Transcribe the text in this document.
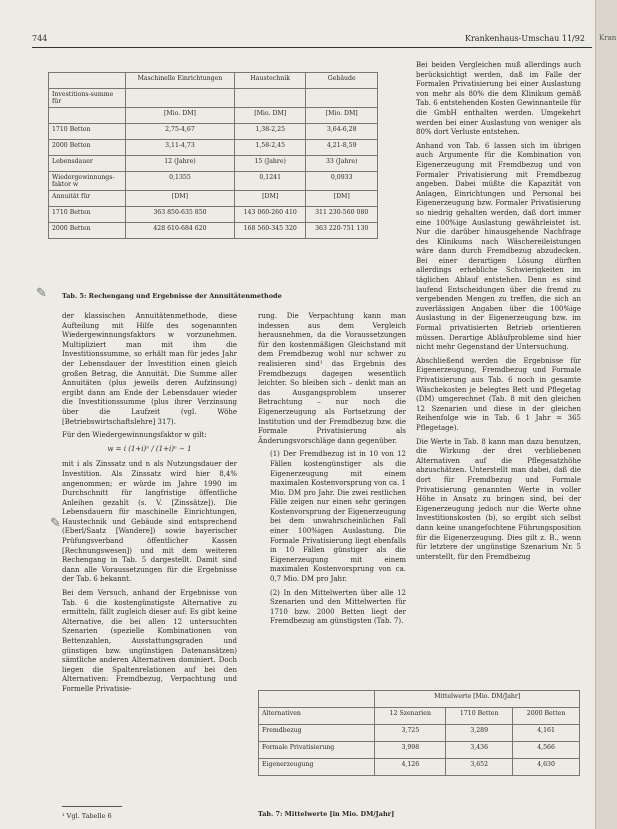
744	Krankenhaus-Umschau 11/92
	Maschinelle Einrichtungen	Haustechnik	Gebäude
Investitions-summe für			
	[Mio. DM]	[Mio. DM]	[Mio. DM]
1710 Betten	2,75-4,67	1,38-2,25	3,64-6,28
2000 Betten	3,11-4,73	1,58-2,45	4,21-8,59
Lebensdauer	12 (Jahre)	15 (Jahre)	33 (Jahre)
Wiedergewinnungs-faktor w	0,1355	0,1241	0,0933
Annuität für	[DM]	[DM]	[DM]
1710 Betten	363 850-635 850	143 060-260 410	311 230-560 080
2000 Betten	428 610-684 620	168 560-345 320	363 220-751 130
✎ Tab. 5: Rechengang und Ergebnisse der Annuitätenmethode

der klassischen Annuitätenmethode, diese Aufteilung mit Hilfe des sogenannten Wiedergewinnungsfaktors w vorzunehmen. Multipliziert man mit ihm die Investitionssumme, so erhält man für jedes Jahr der Lebensdauer der Investition einen gleich großen Betrag, die Annuität. Die Summe aller Annuitäten (plus jeweils deren Aufzinsung) ergibt dann am Ende der Lebensdauer wieder die Investitionssumme (plus ihrer Verzinsung über die Laufzeit (vgl. Wöhe [Betriebswirtschaftslehre] 317).

Für den Wiedergewinnungsfaktor w gilt:

w = i (1+i)ⁿ / (1+i)ⁿ − 1

mit i als Zinssatz und n als Nutzungsdauer der Investition. Als Zinssatz wird hier 8,4% angenommen; er würde im Jahre 1990 im Durchschnitt für langfristige öffentliche Anleihen gezahlt (s. V. [Zinssätze]). Die Lebensdauern für maschinelle Einrichtungen, Haustechnik und Gebäude sind entsprechend (Eberl/Saatz [Wandere]) sowie bayerischer Prüfungsverband öffentlicher Kassen [Rechnungswesen]) und mit dem weiteren Rechengang in Tab. 5 dargestellt. Damit sind dann alle Voraussetzungen für die Ergebnisse der Tab. 6 bekannt.

Bei dem Versuch, anhand der Ergebnisse von Tab. 6 die kostengünstigste Alternative zu ermitteln, fällt zugleich dieser auf: Es gibt keine Alternative, die bei allen 12 untersuchten Szenarien (spezielle Kombinationen von Bettenzahlen, Ausstattungsgraden und günstigen bzw. ungünstigen Datenansätzen) sämtliche anderen Alternativen dominiert. Doch liegen die Spaltenrelationen auf bei den Alternativen: Fremdbezug, Verpachtung und Formelle Privatisie-

✎

rung. Die Verpachtung kann man indessen aus dem Vergleich herausnehmen, da die Voraussetzungen für den kostenmäßigen Gleichstand mit dem Fremdbezug wohl nur schwer zu realisieren sind¹ das Ergebnis des Fremdbezugs dagegen wesentlich leichter. So bleiben sich – denkt man an das Ausgangsproblem unserer Betrachtung – nur noch die Eigenerzeugung als Fortsetzung der Institution und der Fremdbezug bzw. die Formale Privatisierung als Änderungsvorschläge dann gegenüber.

(1) Der Fremdbezug ist in 10 von 12 Fällen kostengünstiger als die Eigenerzeugung mit einem maximalen Kostenvorsprung von ca. 1 Mio. DM pro Jahr. Die zwei restlichen Fälle zeigen nur einen sehr geringen Kostenvorsprung der Eigenerzeugung bei dem unwahrscheinlichen Fall einer 100%igen Auslastung. Die Formale Privatisierung liegt ebenfalls in 10 Fällen günstiger als die Eigenerzeugung mit einem maximalen Kostenvorsprung von ca. 0,7 Mio. DM pro Jahr.

(2) In den Mittelwerten über alle 12 Szenarien und den Mittelwerten für 1710 bzw. 2000 Betten liegt der Fremdbezug am günstigsten (Tab. 7).

Bei beiden Vergleichen muß allerdings auch berücksichtigt werden, daß im Falle der Formalen Privatisierung bei einer Auslastung von mehr als 80% die dem Klinikum gemäß Tab. 6 entstehenden Kosten Gewinnanteile für die GmbH enthalten werden. Umgekehrt werden bei einer Auslastung von weniger als 80% dort Verluste entstehen.

Anhand von Tab. 6 lassen sich im übrigen auch Argumente für die Kombination von Eigenerzeugung mit Fremdbezug und von Formaler Privatisierung mit Fremdbezug angeben. Dabei müßte die Kapazität von Anlagen, Einrichtungen und Personal bei Eigenerzeugung bzw. Formaler Privatisierung so niedrig gehalten werden, daß dort immer eine 100%ige Auslastung gewährleistet ist. Nur die darüber hinausgehende Nachfrage des Klinikums nach Wäschereileistungen wäre dann durch Fremdbezug abzudecken. Bei einer derartigen Lösung dürften allerdings erhebliche Schwierigkeiten im täglichen Ablauf entstehen. Denn es sind laufend Entscheidungen über die fremd zu vergebenden Mengen zu treffen, die sich an zuverlässigen Angaben über die 100%ige Auslastung in der Eigenerzeugung bzw. im Formal privatisierten Betrieb orientieren müssen. Derartige Abläufprobleme sind hier nicht mehr Gegenstand der Untersuchung.

Abschließend werden die Ergebnisse für Eigenerzeugung, Fremdbezug und Formale Privatisierung aus Tab. 6 noch in gesamte Wäschekosten je belegtes Bett und Pflegetag (DM) umgerechnet (Tab. 8 mit den gleichen 12 Szenarien und diese in der gleichen Reihenfolge wie in Tab. 6 1 Jahr = 365 Pflegetage).

Die Werte in Tab. 8 kann man dazu benutzen, die Wirkung der drei verbliebenen Alternativen auf die Pflegesatzhöhe abzuschätzen. Unterstellt man dabei, daß die dort für Fremdbezug und Formale Privatisierung genannten Werte in voller Höhe in Ansatz zu bringen sind, bei der Eigenerzeugung jedoch nur die Werte ohne Investitionskosten (b), so ergibt sich selbst dann keine unangefochtene Führungsposition für die Eigenerzeugung. Dies gilt z. B., wenn für letztere der ungünstige Szenarium Nr. 5 unterstellt, für den Fremdbezug

	Mittelwerte [Mio. DM/Jahr]		
Alternativen	12 Szenarien	1710 Betten	2000 Betten
Fremdbezug	3,725	3,289	4,161
Formale Privatisierung	3,998	3,436	4,566
Eigenerzeugung	4,126	3,652	4,630
Tab. 7: Mittelwerte [in Mio. DM/Jahr]
¹ Vgl. Tabelle 6
Kran
